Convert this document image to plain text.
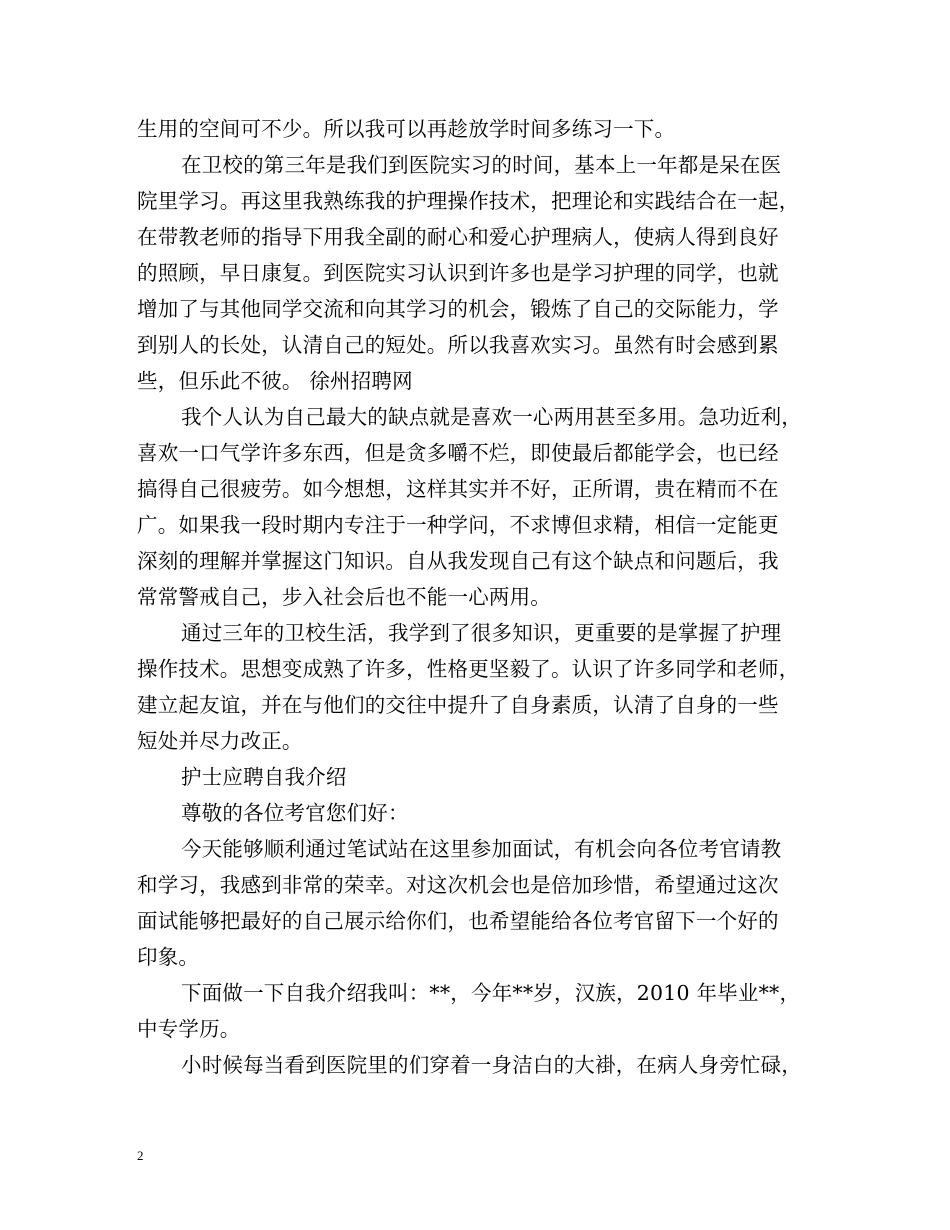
生用的空间可不少。所以我可以再趁放学时间多练习一下。
在卫校的第三年是我们到医院实习的时间，基本上一年都是呆在医
院里学习。再这里我熟练我的护理操作技术，把理论和实践结合在一起，
在带教老师的指导下用我全副的耐心和爱心护理病人，使病人得到良好
的照顾，早日康复。到医院实习认识到许多也是学习护理的同学，也就
增加了与其他同学交流和向其学习的机会，锻炼了自己的交际能力，学
到别人的长处，认清自己的短处。所以我喜欢实习。虽然有时会感到累
些，但乐此不彼。 徐州招聘网
我个人认为自己最大的缺点就是喜欢一心两用甚至多用。急功近利，
喜欢一口气学许多东西，但是贪多嚼不烂，即使最后都能学会，也已经
搞得自己很疲劳。如今想想，这样其实并不好，正所谓，贵在精而不在
广。如果我一段时期内专注于一种学问，不求博但求精，相信一定能更
深刻的理解并掌握这门知识。自从我发现自己有这个缺点和问题后，我
常常警戒自己，步入社会后也不能一心两用。
通过三年的卫校生活，我学到了很多知识，更重要的是掌握了护理
操作技术。思想变成熟了许多，性格更坚毅了。认识了许多同学和老师，
建立起友谊，并在与他们的交往中提升了自身素质，认清了自身的一些
短处并尽力改正。
护士应聘自我介绍
尊敬的各位考官您们好：
今天能够顺利通过笔试站在这里参加面试，有机会向各位考官请教
和学习，我感到非常的荣幸。对这次机会也是倍加珍惜，希望通过这次
面试能够把最好的自己展示给你们，也希望能给各位考官留下一个好的
印象。
下面做一下自我介绍我叫：**，今年**岁，汉族，2010 年毕业**，
中专学历。
小时候每当看到医院里的们穿着一身洁白的大褂，在病人身旁忙碌，
2
